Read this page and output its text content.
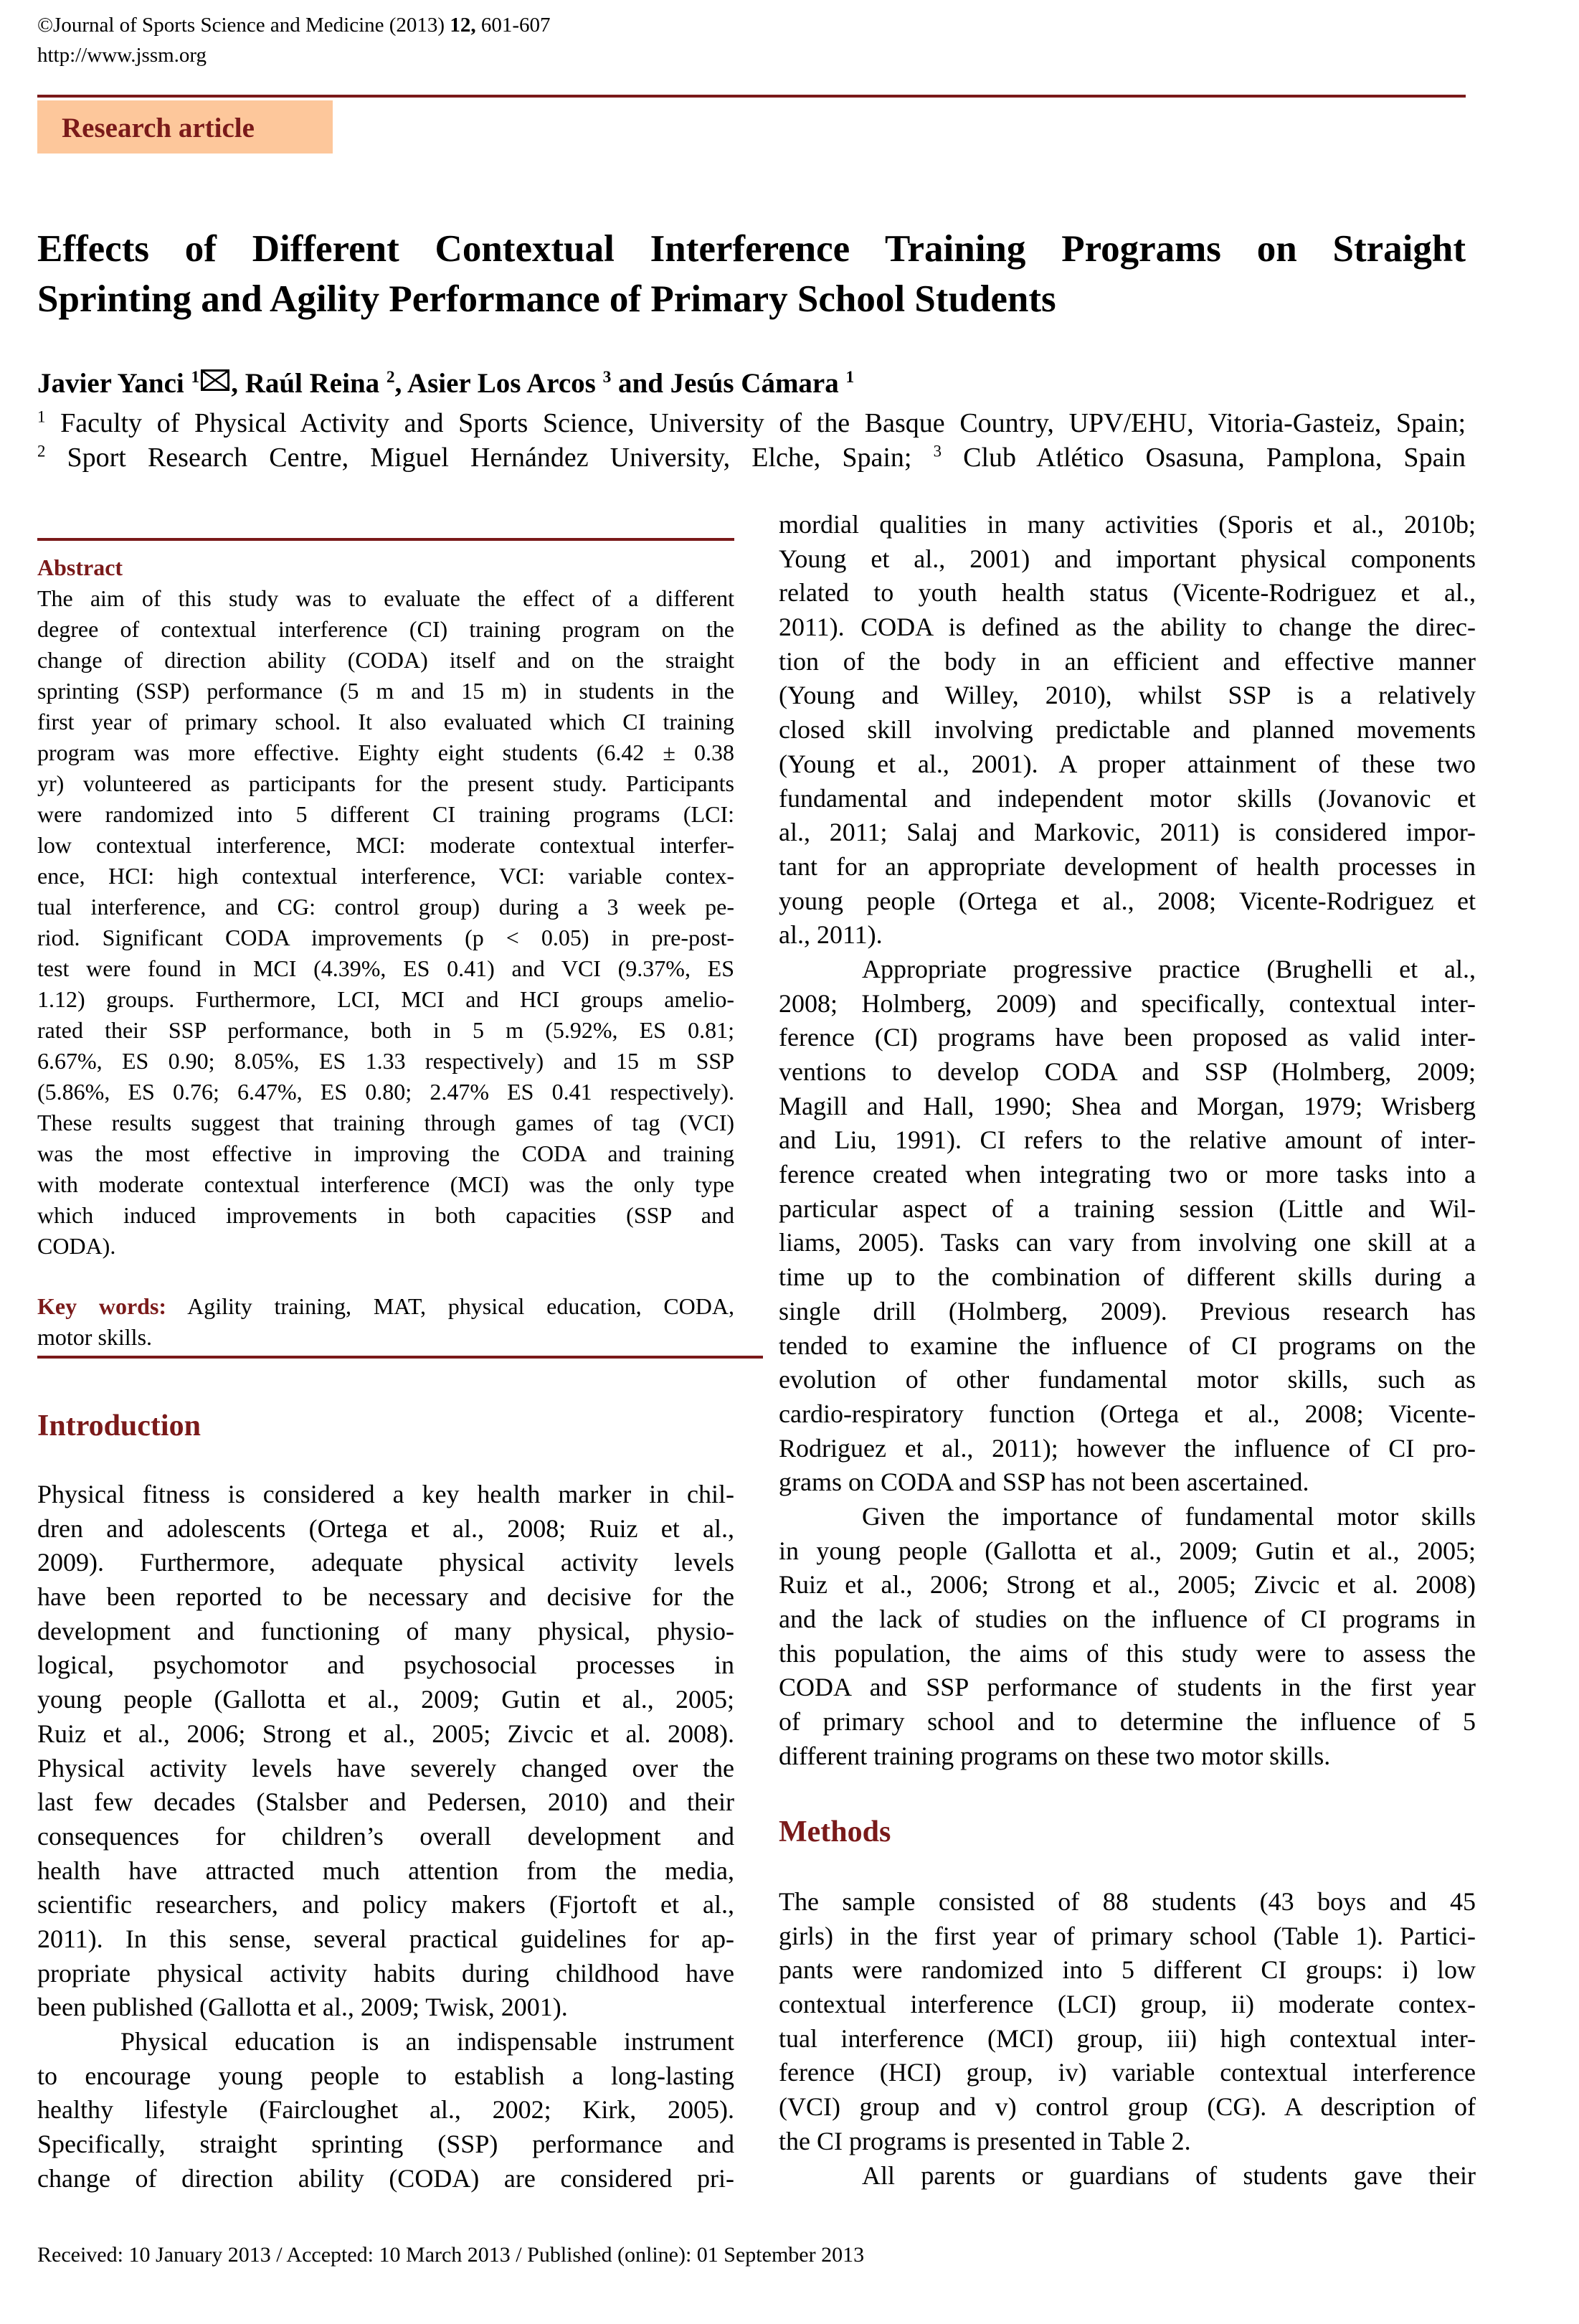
©Journal of Sports Science and Medicine (2013) 12, 601-607
http://www.jssm.org
Research article
Effects of Different Contextual Interference Training Programs on Straight
Sprinting and Agility Performance of Primary School Students
Javier Yanci $^1$ , Raúl Reina $^2$, Asier Los Arcos $^3$ and Jesús Cámara $^1$
$^1$ Faculty of Physical Activity and Sports Science, University of the Basque Country, UPV/EHU, Vitoria-Gasteiz, Spain;
$^2$ Sport Research Centre, Miguel Hernández University, Elche, Spain; $^3$ Club Atlético Osasuna, Pamplona, Spain
Abstract
The aim of this study was to evaluate the effect of a different
degree of contextual interference (CI) training program on the
change of direction ability (CODA) itself and on the straight
sprinting (SSP) performance (5 m and 15 m) in students in the
first year of primary school. It also evaluated which CI training
program was more effective. Eighty eight students (6.42 ± 0.38
yr) volunteered as participants for the present study. Participants
were randomized into 5 different CI training programs (LCI:
low contextual interference, MCI: moderate contextual interfer-
ence, HCI: high contextual interference, VCI: variable contex-
tual interference, and CG: control group) during a 3 week pe-
riod. Significant CODA improvements (p < 0.05) in pre-post-
test were found in MCI (4.39%, ES 0.41) and VCI (9.37%, ES
1.12) groups. Furthermore, LCI, MCI and HCI groups amelio-
rated their SSP performance, both in 5 m (5.92%, ES 0.81;
6.67%, ES 0.90; 8.05%, ES 1.33 respectively) and 15 m SSP
(5.86%, ES 0.76; 6.47%, ES 0.80; 2.47% ES 0.41 respectively).
These results suggest that training through games of tag (VCI)
was the most effective in improving the CODA and training
with moderate contextual interference (MCI) was the only type
which induced improvements in both capacities (SSP and
CODA).
Key words: Agility training, MAT, physical education, CODA,
motor skills.
Introduction
Physical fitness is considered a key health marker in chil-
dren and adolescents (Ortega et al., 2008; Ruiz et al.,
2009). Furthermore, adequate physical activity levels
have been reported to be necessary and decisive for the
development and functioning of many physical, physio-
logical, psychomotor and psychosocial processes in
young people (Gallotta et al., 2009; Gutin et al., 2005;
Ruiz et al., 2006; Strong et al., 2005; Zivcic et al. 2008).
Physical activity levels have severely changed over the
last few decades (Stalsber and Pedersen, 2010) and their
consequences for children’s overall development and
health have attracted much attention from the media,
scientific researchers, and policy makers (Fjortoft et al.,
2011). In this sense, several practical guidelines for ap-
propriate physical activity habits during childhood have
been published (Gallotta et al., 2009; Twisk, 2001).
Physical education is an indispensable instrument
to encourage young people to establish a long-lasting
healthy lifestyle (Faircloughet al., 2002; Kirk, 2005).
Specifically, straight sprinting (SSP) performance and
change of direction ability (CODA) are considered pri-
mordial qualities in many activities (Sporis et al., 2010b;
Young et al., 2001) and important physical components
related to youth health status (Vicente-Rodriguez et al.,
2011). CODA is defined as the ability to change the direc-
tion of the body in an efficient and effective manner
(Young and Willey, 2010), whilst SSP is a relatively
closed skill involving predictable and planned movements
(Young et al., 2001). A proper attainment of these two
fundamental and independent motor skills (Jovanovic et
al., 2011; Salaj and Markovic, 2011) is considered impor-
tant for an appropriate development of health processes in
young people (Ortega et al., 2008; Vicente-Rodriguez et
al., 2011).
Appropriate progressive practice (Brughelli et al.,
2008; Holmberg, 2009) and specifically, contextual inter-
ference (CI) programs have been proposed as valid inter-
ventions to develop CODA and SSP (Holmberg, 2009;
Magill and Hall, 1990; Shea and Morgan, 1979; Wrisberg
and Liu, 1991). CI refers to the relative amount of inter-
ference created when integrating two or more tasks into a
particular aspect of a training session (Little and Wil-
liams, 2005). Tasks can vary from involving one skill at a
time up to the combination of different skills during a
single drill (Holmberg, 2009). Previous research has
tended to examine the influence of CI programs on the
evolution of other fundamental motor skills, such as
cardio-respiratory function (Ortega et al., 2008; Vicente-
Rodriguez et al., 2011); however the influence of CI pro-
grams on CODA and SSP has not been ascertained.
Given the importance of fundamental motor skills
in young people (Gallotta et al., 2009; Gutin et al., 2005;
Ruiz et al., 2006; Strong et al., 2005; Zivcic et al. 2008)
and the lack of studies on the influence of CI programs in
this population, the aims of this study were to assess the
CODA and SSP performance of students in the first year
of primary school and to determine the influence of 5
different training programs on these two motor skills.
Methods
The sample consisted of 88 students (43 boys and 45
girls) in the first year of primary school (Table 1). Partici-
pants were randomized into 5 different CI groups: i) low
contextual interference (LCI) group, ii) moderate contex-
tual interference (MCI) group, iii) high contextual inter-
ference (HCI) group, iv) variable contextual interference
(VCI) group and v) control group (CG). A description of
the CI programs is presented in Table 2.
All parents or guardians of students gave their
Received: 10 January 2013 / Accepted: 10 March 2013 / Published (online): 01 September 2013
